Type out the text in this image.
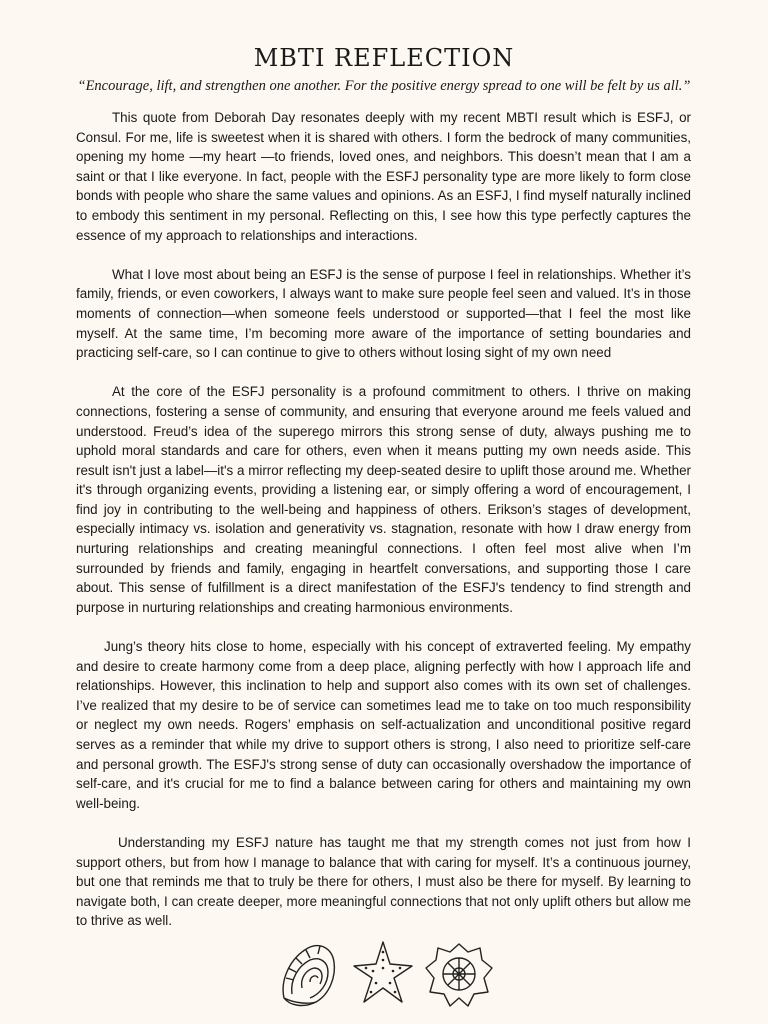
MBTI REFLECTION

“Encourage, lift, and strengthen one another. For the positive energy spread to one will be felt by us all.”

This quote from Deborah Day resonates deeply with my recent MBTI result which is ESFJ, or Consul. For me, life is sweetest when it is shared with others. I form the bedrock of many communities, opening my home —my heart —to friends, loved ones, and neighbors. This doesn’t mean that I am a saint or that I like everyone. In fact, people with the ESFJ personality type are more likely to form close bonds with people who share the same values and opinions. As an ESFJ, I find myself naturally inclined to embody this sentiment in my personal. Reflecting on this, I see how this type perfectly captures the essence of my approach to relationships and interactions.

What I love most about being an ESFJ is the sense of purpose I feel in relationships. Whether it’s family, friends, or even coworkers, I always want to make sure people feel seen and valued. It’s in those moments of connection—when someone feels understood or supported—that I feel the most like myself. At the same time, I’m becoming more aware of the importance of setting boundaries and practicing self-care, so I can continue to give to others without losing sight of my own need

At the core of the ESFJ personality is a profound commitment to others. I thrive on making connections, fostering a sense of community, and ensuring that everyone around me feels valued and understood. Freud’s idea of the superego mirrors this strong sense of duty, always pushing me to uphold moral standards and care for others, even when it means putting my own needs aside. This result isn't just a label—it's a mirror reflecting my deep-seated desire to uplift those around me. Whether it's through organizing events, providing a listening ear, or simply offering a word of encouragement, I find joy in contributing to the well-being and happiness of others. Erikson’s stages of development, especially intimacy vs. isolation and generativity vs. stagnation, resonate with how I draw energy from nurturing relationships and creating meaningful connections. I often feel most alive when I’m surrounded by friends and family, engaging in heartfelt conversations, and supporting those I care about. This sense of fulfillment is a direct manifestation of the ESFJ's tendency to find strength and purpose in nurturing relationships and creating harmonious environments.

Jung’s theory hits close to home, especially with his concept of extraverted feeling. My empathy and desire to create harmony come from a deep place, aligning perfectly with how I approach life and relationships. However, this inclination to help and support also comes with its own set of challenges. I’ve realized that my desire to be of service can sometimes lead me to take on too much responsibility or neglect my own needs. Rogers’ emphasis on self-actualization and unconditional positive regard serves as a reminder that while my drive to support others is strong, I also need to prioritize self-care and personal growth. The ESFJ's strong sense of duty can occasionally overshadow the importance of self-care, and it's crucial for me to find a balance between caring for others and maintaining my own well-being.

Understanding my ESFJ nature has taught me that my strength comes not just from how I support others, but from how I manage to balance that with caring for myself. It’s a continuous journey, but one that reminds me that to truly be there for others, I must also be there for myself. By learning to navigate both, I can create deeper, more meaningful connections that not only uplift others but allow me to thrive as well.
